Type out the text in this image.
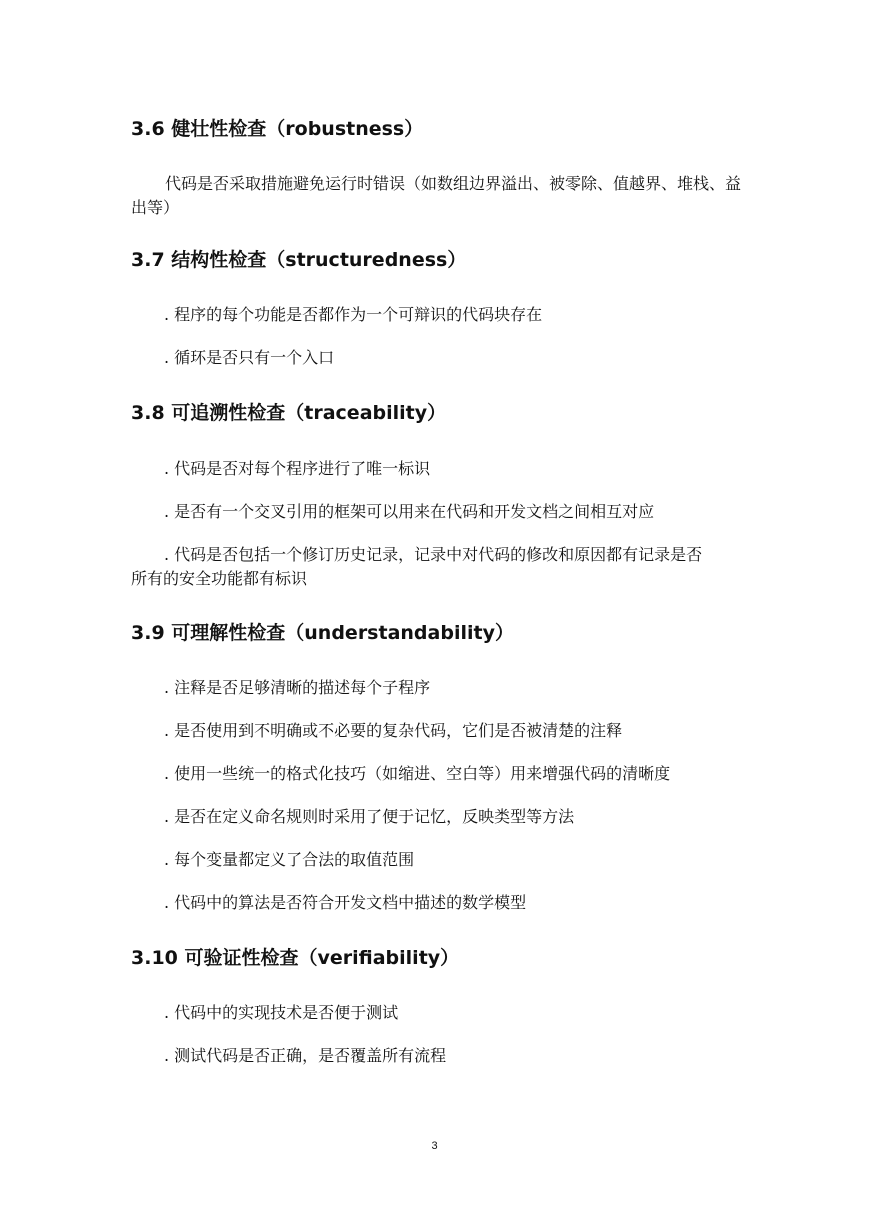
3.6 健壮性检查（robustness）

代码是否采取措施避免运行时错误（如数组边界溢出、被零除、值越界、堆栈、益出等）

3.7 结构性检查（structuredness）

. 程序的每个功能是否都作为一个可辩识的代码块存在

. 循环是否只有一个入口

3.8 可追溯性检查（traceability）

. 代码是否对每个程序进行了唯一标识

. 是否有一个交叉引用的框架可以用来在代码和开发文档之间相互对应

. 代码是否包括一个修订历史记录，记录中对代码的修改和原因都有记录是否所有的安全功能都有标识

3.9 可理解性检查（understandability）

. 注释是否足够清晰的描述每个子程序

. 是否使用到不明确或不必要的复杂代码，它们是否被清楚的注释

. 使用一些统一的格式化技巧（如缩进、空白等）用来增强代码的清晰度

. 是否在定义命名规则时采用了便于记忆，反映类型等方法

. 每个变量都定义了合法的取值范围

. 代码中的算法是否符合开发文档中描述的数学模型

3.10 可验证性检查（verifiability）

. 代码中的实现技术是否便于测试

. 测试代码是否正确，是否覆盖所有流程

3
